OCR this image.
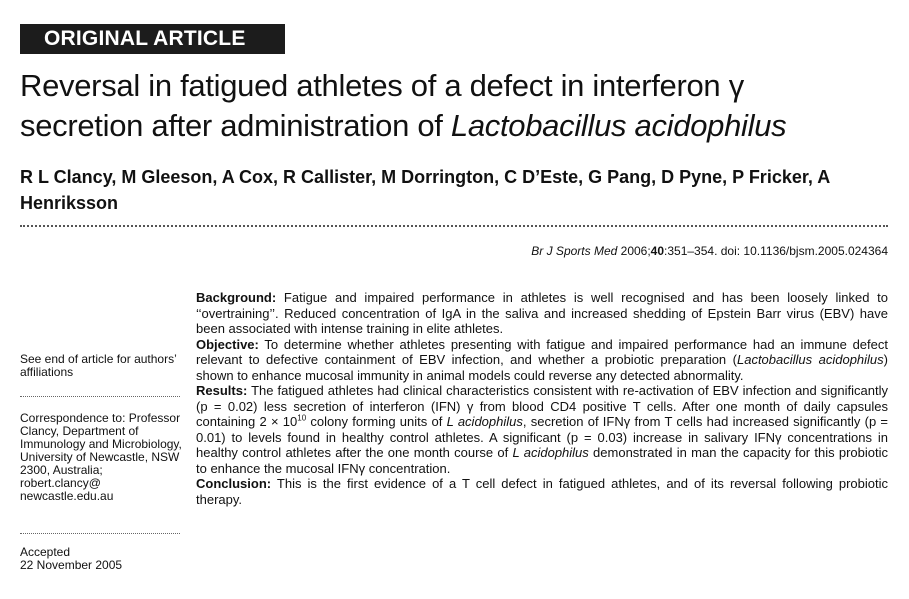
ORIGINAL ARTICLE
Reversal in fatigued athletes of a defect in interferon γ
secretion after administration of Lactobacillus acidophilus
R L Clancy, M Gleeson, A Cox, R Callister, M Dorrington, C D’Este, G Pang, D Pyne, P Fricker, A Henriksson
Br J Sports Med 2006;40:351–354. doi: 10.1136/bjsm.2005.024364
See end of article for authors’ affiliations
Correspondence to: Professor Clancy, Department of Immunology and Microbiology, University of Newcastle, NSW 2300, Australia; robert.clancy@ newcastle.edu.au
Accepted
22 November 2005

Background: Fatigue and impaired performance in athletes is well recognised and has been loosely linked to ‘‘overtraining’’. Reduced concentration of IgA in the saliva and increased shedding of Epstein Barr virus (EBV) have been associated with intense training in elite athletes.

Objective: To determine whether athletes presenting with fatigue and impaired performance had an immune defect relevant to defective containment of EBV infection, and whether a probiotic preparation (Lactobacillus acidophilus) shown to enhance mucosal immunity in animal models could reverse any detected abnormality.

Results: The fatigued athletes had clinical characteristics consistent with re-activation of EBV infection and significantly (p = 0.02) less secretion of interferon (IFN) γ from blood CD4 positive T cells. After one month of daily capsules containing $2 \times 10^{10}$ colony forming units of L acidophilus, secretion of IFNγ from T cells had increased significantly (p = 0.01) to levels found in healthy control athletes. A significant (p = 0.03) increase in salivary IFNγ concentrations in healthy control athletes after the one month course of L acidophilus demonstrated in man the capacity for this probiotic to enhance the mucosal IFNγ concentration.

Conclusion: This is the first evidence of a T cell defect in fatigued athletes, and of its reversal following probiotic therapy.
